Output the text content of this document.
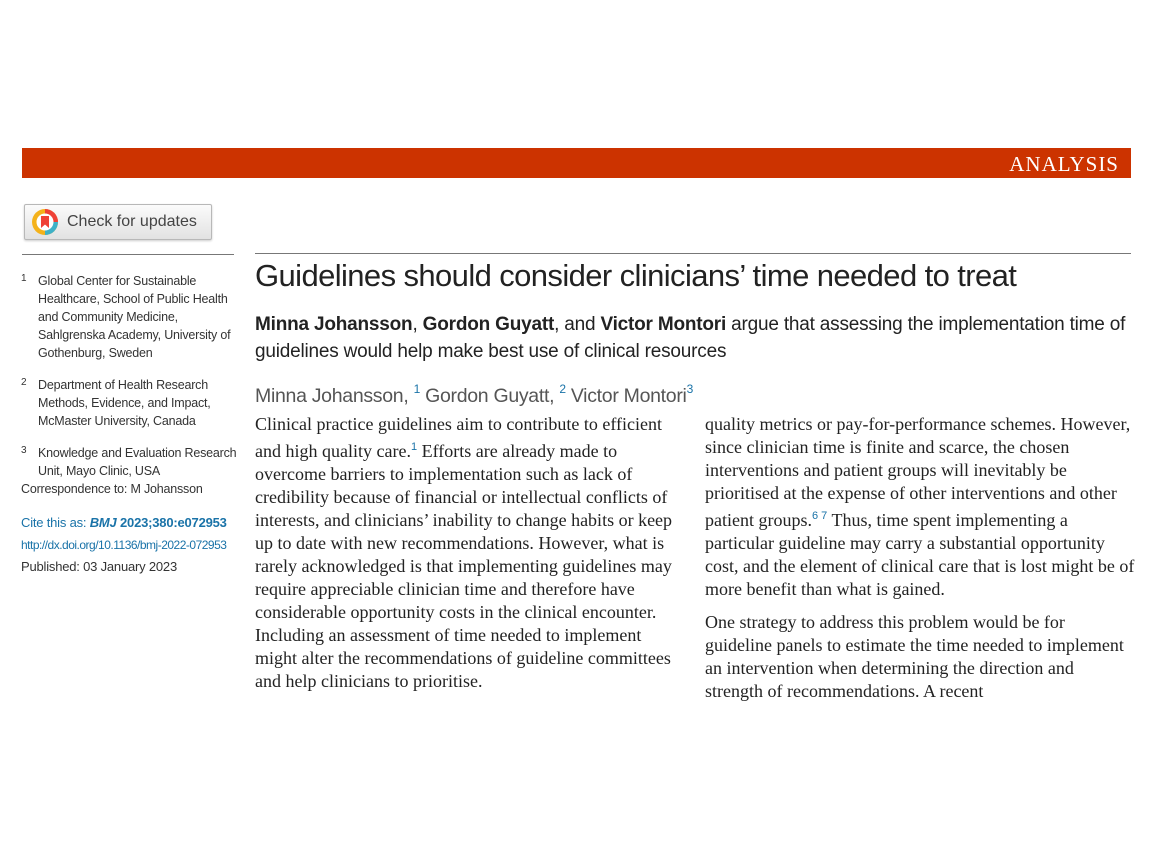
ANALYSIS
Check for updates
1 Global Center for Sustainable Healthcare, School of Public Health and Community Medicine, Sahlgrenska Academy, University of Gothenburg, Sweden
2 Department of Health Research Methods, Evidence, and Impact, McMaster University, Canada
3 Knowledge and Evaluation Research Unit, Mayo Clinic, USA
Correspondence to: M Johansson
Cite this as: BMJ 2023;380:e072953
http://dx.doi.org/10.1136/bmj-2022-072953
Published: 03 January 2023
Guidelines should consider clinicians’ time needed to treat
Minna Johansson, Gordon Guyatt, and Victor Montori argue that assessing the implementation time of guidelines would help make best use of clinical resources
Minna Johansson, $^1$ Gordon Guyatt, $^2$ Victor Montori$^3$

Clinical practice guidelines aim to contribute to efficient and high quality care.$^1$ Efforts are already made to overcome barriers to implementation such as lack of credibility because of financial or intellectual conflicts of interests, and clinicians’ inability to change habits or keep up to date with new recommendations. However, what is rarely acknowledged is that implementing guidelines may require appreciable clinician time and therefore have considerable opportunity costs in the clinical encounter. Including an assessment of time needed to implement might alter the recommendations of guideline committees and help clinicians to prioritise.

quality metrics or pay-for-performance schemes. However, since clinician time is finite and scarce, the chosen interventions and patient groups will inevitably be prioritised at the expense of other interventions and other patient groups.$^{6 7}$ Thus, time spent implementing a particular guideline may carry a substantial opportunity cost, and the element of clinical care that is lost might be of more benefit than what is gained.

One strategy to address this problem would be for guideline panels to estimate the time needed to implement an intervention when determining the direction and strength of recommendations. A recent
